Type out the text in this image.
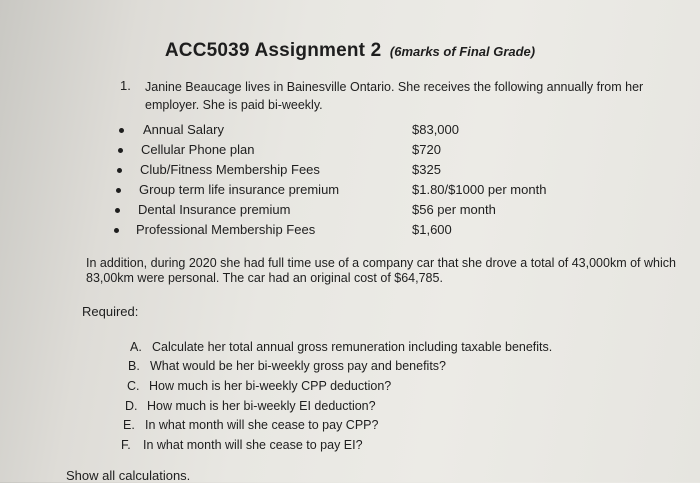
ACC5039 Assignment 2 (6marks of Final Grade)
1. Janine Beaucage lives in Bainesville Ontario. She receives the following annually from her employer. She is paid bi-weekly.
Annual Salary	$83,000
Cellular Phone plan	$720
Club/Fitness Membership Fees	$325
Group term life insurance premium	$1.80/$1000 per month
Dental Insurance premium	$56 per month
Professional Membership Fees	$1,600
In addition, during 2020 she had full time use of a company car that she drove a total of 43,000km of which 83,00km were personal. The car had an original cost of $64,785.
Required:
A. Calculate her total annual gross remuneration including taxable benefits.
B. What would be her bi-weekly gross pay and benefits?
C. How much is her bi-weekly CPP deduction?
D. How much is her bi-weekly EI deduction?
E. In what month will she cease to pay CPP?
F. In what month will she cease to pay EI?
Show all calculations.
